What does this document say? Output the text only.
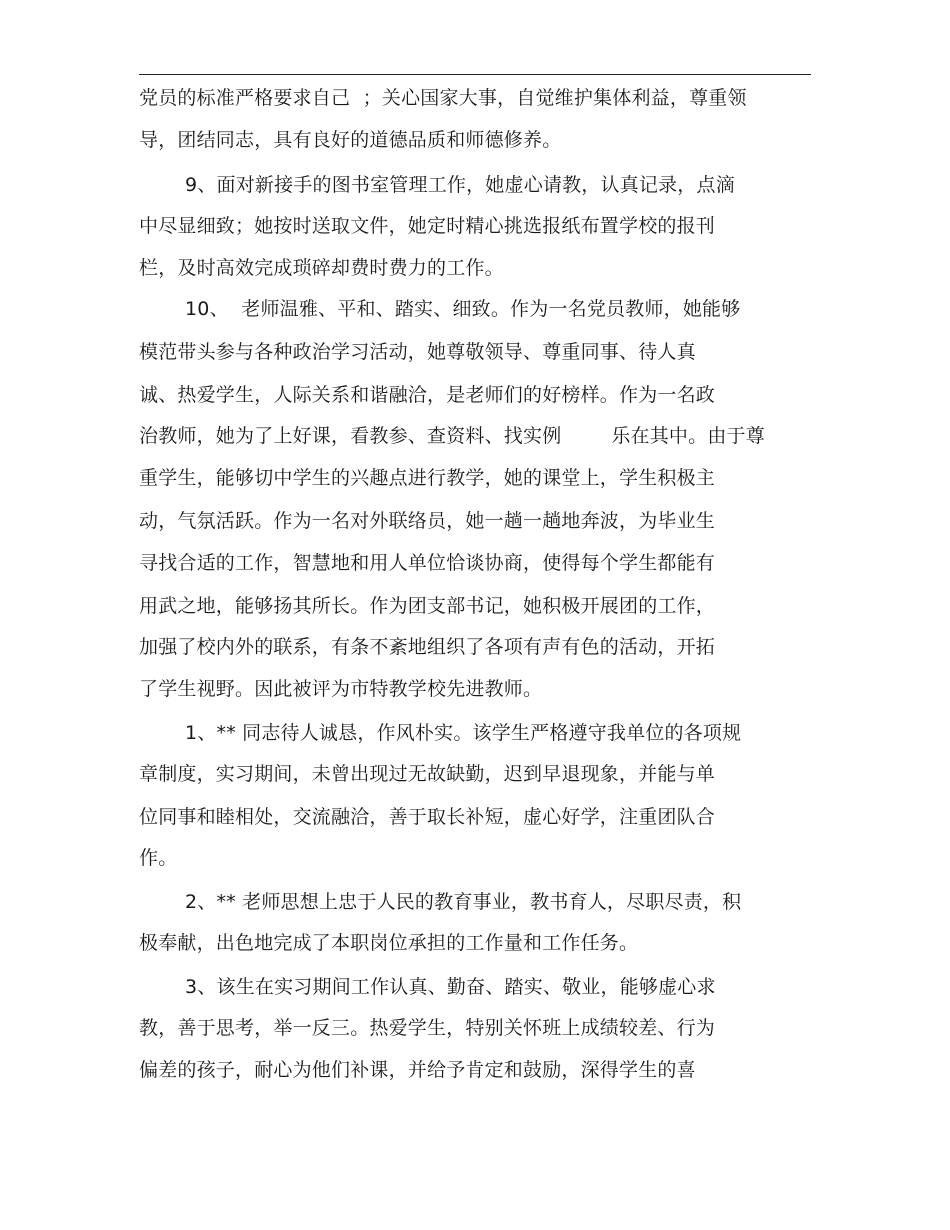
党员的标准严格要求自己  ；关心国家大事，自觉维护集体利益，尊重领
导，团结同志，具有良好的道德品质和师德修养。
9、面对新接手的图书室管理工作，她虚心请教，认真记录，点滴
中尽显细致；她按时送取文件，她定时精心挑选报纸布置学校的报刊
栏，及时高效完成琐碎却费时费力的工作。
10、  老师温雅、平和、踏实、细致。作为一名党员教师，她能够
模范带头参与各种政治学习活动，她尊敬领导、尊重同事、待人真
诚、热爱学生，人际关系和谐融洽，是老师们的好榜样。作为一名政
治教师，她为了上好课，看教参、查资料、找实例        乐在其中。由于尊
重学生，能够切中学生的兴趣点进行教学，她的课堂上，学生积极主
动，气氛活跃。作为一名对外联络员，她一趟一趟地奔波，为毕业生
寻找合适的工作，智慧地和用人单位恰谈协商，使得每个学生都能有
用武之地，能够扬其所长。作为团支部书记，她积极开展团的工作，
加强了校内外的联系，有条不紊地组织了各项有声有色的活动，开拓
了学生视野。因此被评为市特教学校先进教师。
1、** 同志待人诚恳，作风朴实。该学生严格遵守我单位的各项规
章制度，实习期间，未曾出现过无故缺勤，迟到早退现象，并能与单
位同事和睦相处，交流融洽，善于取长补短，虚心好学，注重团队合
作。
2、** 老师思想上忠于人民的教育事业，教书育人，尽职尽责，积
极奉献，出色地完成了本职岗位承担的工作量和工作任务。
3、该生在实习期间工作认真、勤奋、踏实、敬业，能够虚心求
教，善于思考，举一反三。热爱学生，特别关怀班上成绩较差、行为
偏差的孩子，耐心为他们补课，并给予肯定和鼓励，深得学生的喜
